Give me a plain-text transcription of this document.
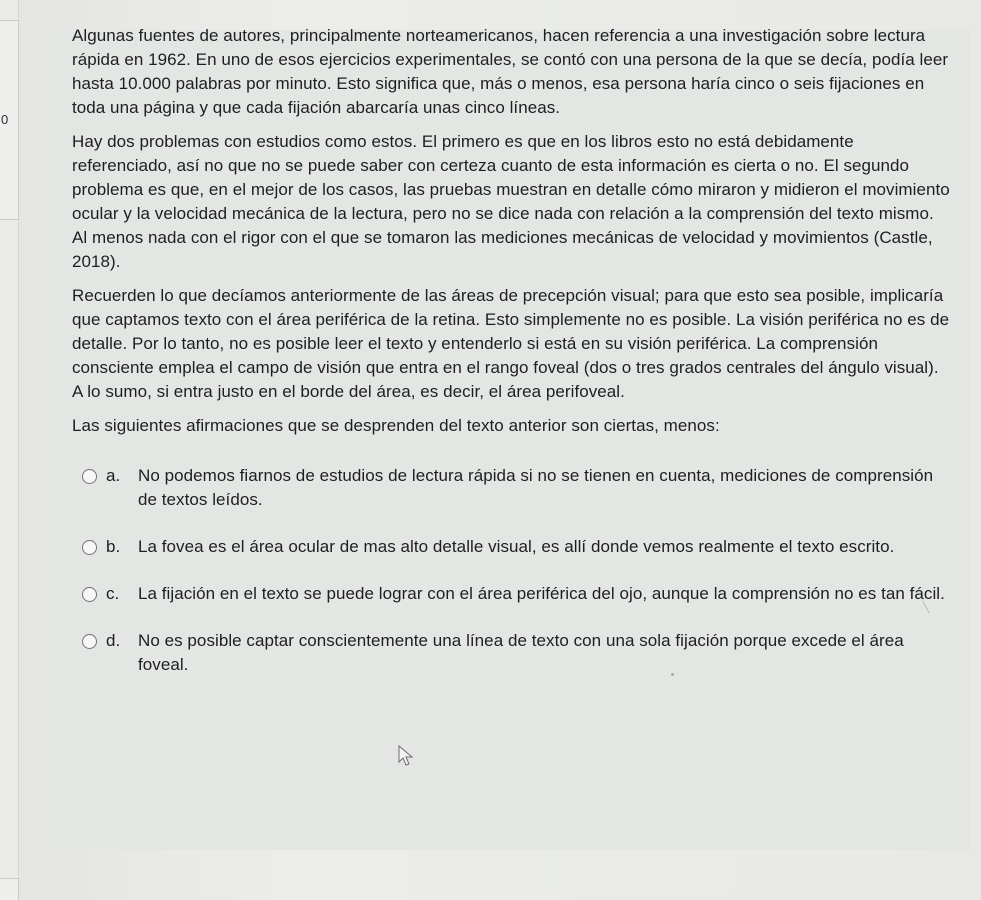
0

Algunas fuentes de autores, principalmente norteamericanos, hacen referencia a una investigación sobre lectura rápida en 1962. En uno de esos ejercicios experimentales, se contó con una persona de la que se decía, podía leer hasta 10.000 palabras por minuto. Esto significa que, más o menos, esa persona haría cinco o seis fijaciones en toda una página y que cada fijación abarcaría unas cinco líneas.

Hay dos problemas con estudios como estos. El primero es que en los libros esto no está debidamente referenciado, así no que no se puede saber con certeza cuanto de esta información es cierta o no. El segundo problema es que, en el mejor de los casos, las pruebas muestran en detalle cómo miraron y midieron el movimiento ocular y la velocidad mecánica de la lectura, pero no se dice nada con relación a la comprensión del texto mismo. Al menos nada con el rigor con el que se tomaron las mediciones mecánicas de velocidad y movimientos (Castle, 2018).

Recuerden lo que decíamos anteriormente de las áreas de precepción visual; para que esto sea posible, implicaría que captamos texto con el área periférica de la retina. Esto simplemente no es posible. La visión periférica no es de detalle. Por lo tanto, no es posible leer el texto y entenderlo si está en su visión periférica. La comprensión consciente emplea el campo de visión que entra en el rango foveal (dos o tres grados centrales del ángulo visual). A lo sumo, si entra justo en el borde del área, es decir, el área perifoveal.

Las siguientes afirmaciones que se desprenden del texto anterior son ciertas, menos:

a. No podemos fiarnos de estudios de lectura rápida si no se tienen en cuenta, mediciones de comprensión de textos leídos.
b. La fovea es el área ocular de mas alto detalle visual, es allí donde vemos realmente el texto escrito.
c. La fijación en el texto se puede lograr con el área periférica del ojo, aunque la comprensión no es tan fácil.
d. No es posible captar conscientemente una línea de texto con una sola fijación porque excede el área foveal.
